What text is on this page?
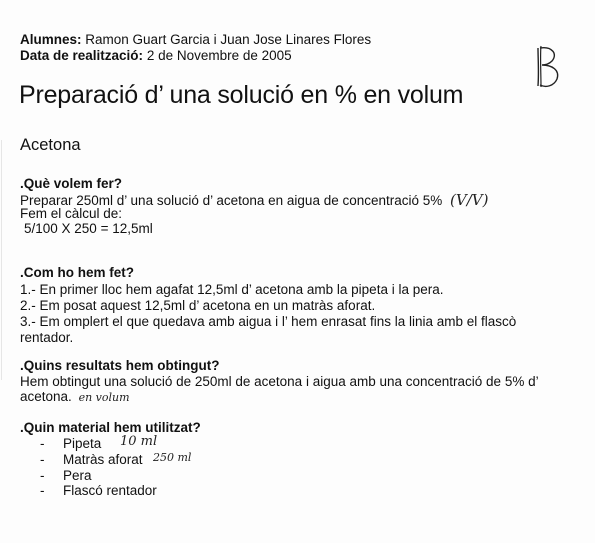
Alumnes: Ramon Guart Garcia i Juan Jose Linares Flores
Data de realització: 2 de Novembre de 2005
Preparació d’ una solució en % en volum
Acetona
.Què volem fer?
Preparar 250ml d’ una solució d’ acetona en aigua de concentració 5% (V/V)
Fem el càlcul de:
5/100 X 250 = 12,5ml
.Com ho hem fet?
1.- En primer lloc hem agafat 12,5ml d’ acetona amb la pipeta i la pera.
2.- Em posat aquest 12,5ml d’ acetona en un matràs aforat.
3.- Em omplert el que quedava amb aigua i l’ hem enrasat fins la linia amb el flascò
rentador.
.Quins resultats hem obtingut?
Hem obtingut una solució de 250ml de acetona i aigua amb una concentració de 5% d’
acetona. en volum
.Quin material hem utilitzat?
- Pipeta 10 ml
- Matràs aforat 250 ml
- Pera
- Flascó rentador
